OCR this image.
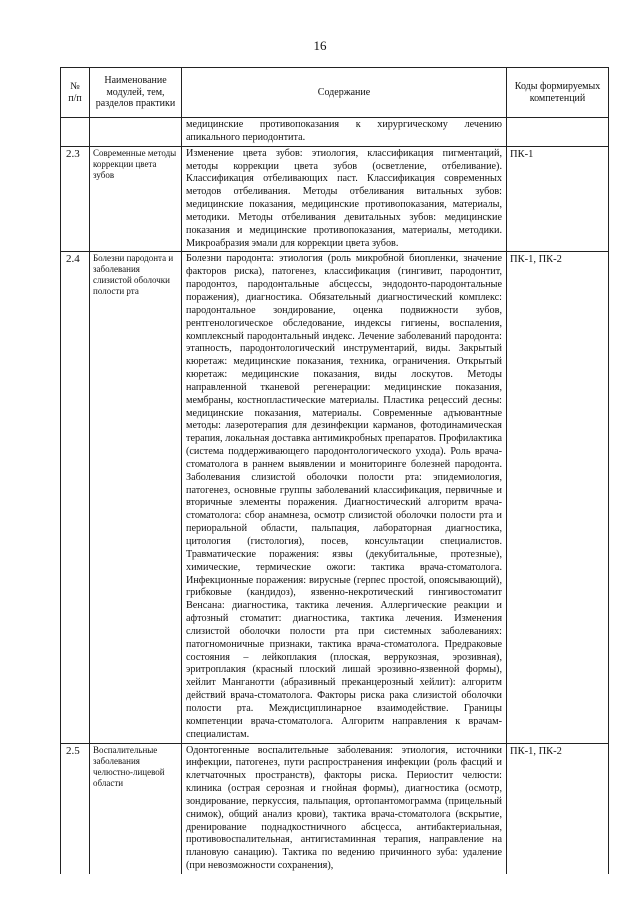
16
№
п/п	Наименование модулей, тем, разделов практики	Содержание	Коды формируемых компетенций
		медицинские противопоказания к хирургическому лечению апикального периодонтита.	
2.3	Современные методы коррекции цвета зубов	Изменение цвета зубов: этиология, классификация пигментаций, методы коррекции цвета зубов (осветление, отбеливание). Классификация отбеливающих паст. Классификация современных методов отбеливания. Методы отбеливания витальных зубов: медицинские показания, медицинские противопоказания, материалы, методики. Методы отбеливания девитальных зубов: медицинские показания и медицинские противопоказания, материалы, методики. Микроабразия эмали для коррекции цвета зубов.	ПК-1
2.4	Болезни пародонта и заболевания слизистой оболочки полости рта	Болезни пародонта: этиология (роль микробной биопленки, значение факторов риска), патогенез, классификация (гингивит, пародонтит, пародонтоз, пародонтальные абсцессы, эндодонто-пародонтальные поражения), диагностика. Обязательный диагностический комплекс: пародонтальное зондирование, оценка подвижности зубов, рентгенологическое обследование, индексы гигиены, воспаления, комплексный пародонтальный индекс. Лечение заболеваний пародонта: этапность, пародонтологический инструментарий, виды. Закрытый кюретаж: медицинские показания, техника, ограничения. Открытый кюретаж: медицинские показания, виды лоскутов. Методы направленной тканевой регенерации: медицинские показания, мембраны, костнопластические материалы. Пластика рецессий десны: медицинские показания, материалы. Современные адъювантные методы: лазеротерапия для дезинфекции карманов, фотодинамическая терапия, локальная доставка антимикробных препаратов. Профилактика (система поддерживающего пародонтологического ухода). Роль врача-стоматолога в раннем выявлении и мониторинге болезней пародонта. Заболевания слизистой оболочки полости рта: эпидемиология, патогенез, основные группы заболеваний классификация, первичные и вторичные элементы поражения. Диагностический алгоритм врача-стоматолога: сбор анамнеза, осмотр слизистой оболочки полости рта и периоральной области, пальпация, лабораторная диагностика, цитология (гистология), посев, консультации специалистов. Травматические поражения: язвы (декубитальные, протезные), химические, термические ожоги: тактика врача-стоматолога. Инфекционные поражения: вирусные (герпес простой, опоясывающий), грибковые (кандидоз), язвенно-некротический гингивостоматит Венсана: диагностика, тактика лечения. Аллергические реакции и афтозный стоматит: диагностика, тактика лечения. Изменения слизистой оболочки полости рта при системных заболеваниях: патогномоничные признаки, тактика врача-стоматолога. Предраковые состояния – лейкоплакия (плоская, веррукозная, эрозивная), эритроплакия (красный плоский лишай эрозивно-язвенной формы), хейлит Манганотти (абразивный преканцерозный хейлит): алгоритм действий врача-стоматолога. Факторы риска рака слизистой оболочки полости рта. Междисциплинарное взаимодействие. Границы компетенции врача-стоматолога. Алгоритм направления к врачам-специалистам.	ПК-1, ПК-2
2.5	Воспалительные заболевания челюстно-лицевой области	Одонтогенные воспалительные заболевания: этиология, источники инфекции, патогенез, пути распространения инфекции (роль фасций и клетчаточных пространств), факторы риска. Периостит челюсти: клиника (острая серозная и гнойная формы), диагностика (осмотр, зондирование, перкуссия, пальпация, ортопантомограмма (прицельный снимок), общий анализ крови), тактика врача-стоматолога (вскрытие, дренирование поднадкостничного абсцесса, антибактериальная, противовоспалительная, антигистаминная терапия, направление на плановую санацию). Тактика по ведению причинного зуба: удаление (при невозможности сохранения),	ПК-1, ПК-2
